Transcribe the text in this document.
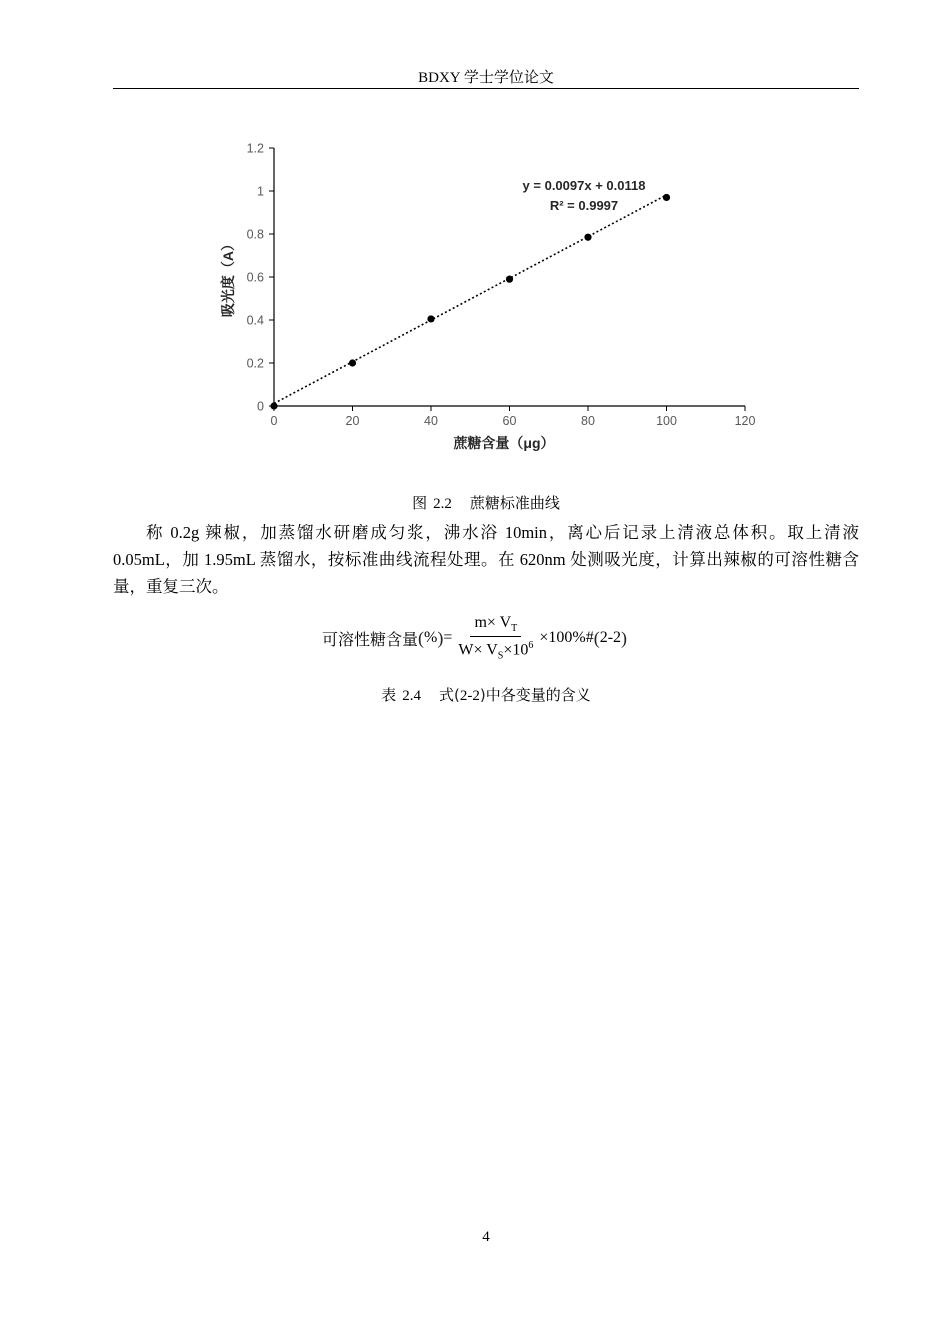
BDXY 学士学位论文
0	20	40	60	80	100	120
0
0.2
0.4
0.6
0.8
1
1.2
y = 0.0097x + 0.0118
R² = 0.9997
蔗糖含量（μg）
吸光度（A）
图 2.2 蔗糖标准曲线

称 0.2g 辣椒，加蒸馏水研磨成匀浆，沸水浴 10min，离心后记录上清液总体积。取上清液 0.05mL，加 1.95mL 蒸馏水，按标准曲线流程处理。在 620nm 处测吸光度，计算出辣椒的可溶性糖含量，重复三次。

可溶性糖含量 ( % ) = $\frac{m\times V_T}{W\times V_S\times 10^6}$ ×100%# ( 2-2 )
表 2.4 式(2-2)中各变量的含义
4
